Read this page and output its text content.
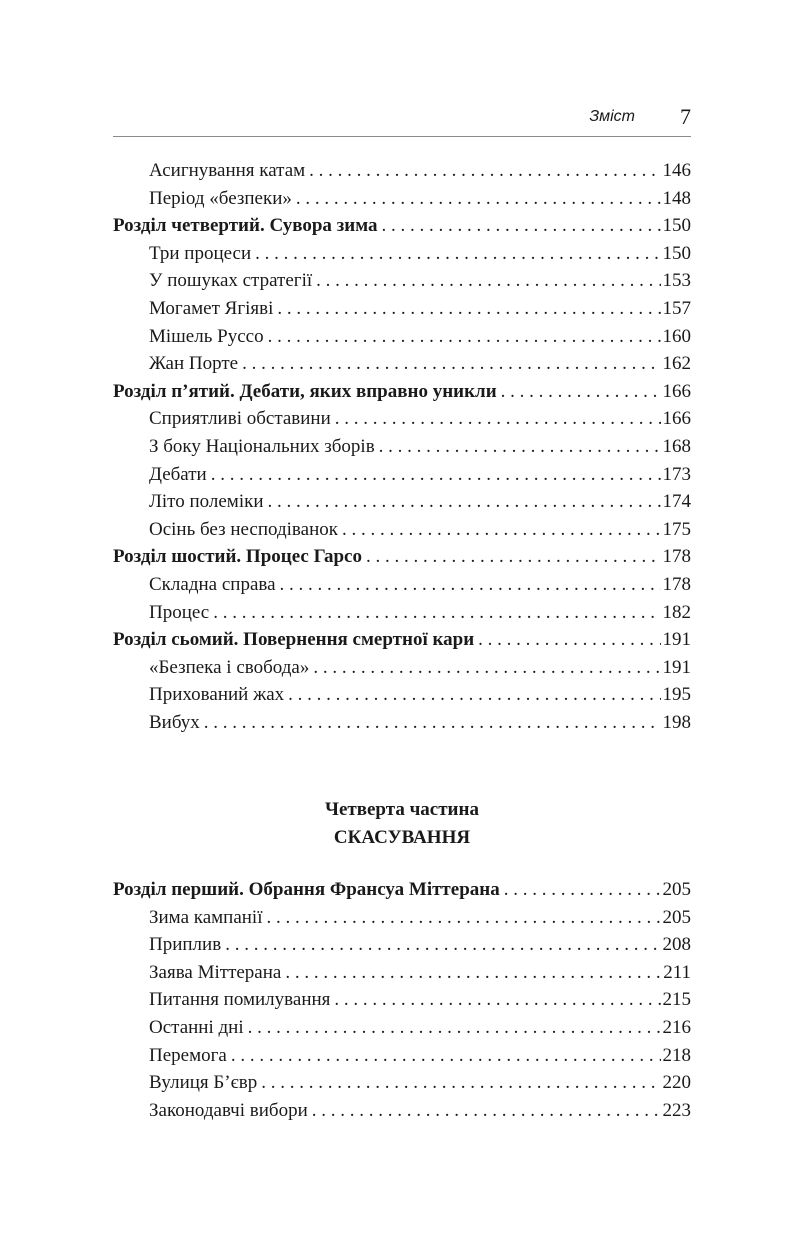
Зміст 7
Асигнування катам . . .	146
Період «безпеки» . . .	148
Розділ четвертий. Сувора зима . . .	150
Три процеси . . .	150
У пошуках стратегії . . .	153
Могамет Ягіяві . . .	157
Мішель Руссо . . .	160
Жан Порте . . .	162
Розділ п’ятий. Дебати, яких вправно уникли . . .	166
Сприятливі обставини . . .	166
З боку Національних зборів . . .	168
Дебати . . .	173
Літо полеміки . . .	174
Осінь без несподіванок . . .	175
Розділ шостий. Процес Гарсо . . .	178
Складна справа . . .	178
Процес . . .	182
Розділ сьомий. Повернення смертної кари . . .	191
«Безпека і свобода» . . .	191
Прихований жах . . .	195
Вибух . . .	198
Четверта частина
СКАСУВАННЯ
Розділ перший. Обрання Франсуа Міттерана . . .	205
Зима кампанії . . .	205
Приплив . . .	208
Заява Міттерана . . .	211
Питання помилування . . .	215
Останні дні . . .	216
Перемога . . .	218
Вулиця Б’євр . . .	220
Законодавчі вибори . . .	223
